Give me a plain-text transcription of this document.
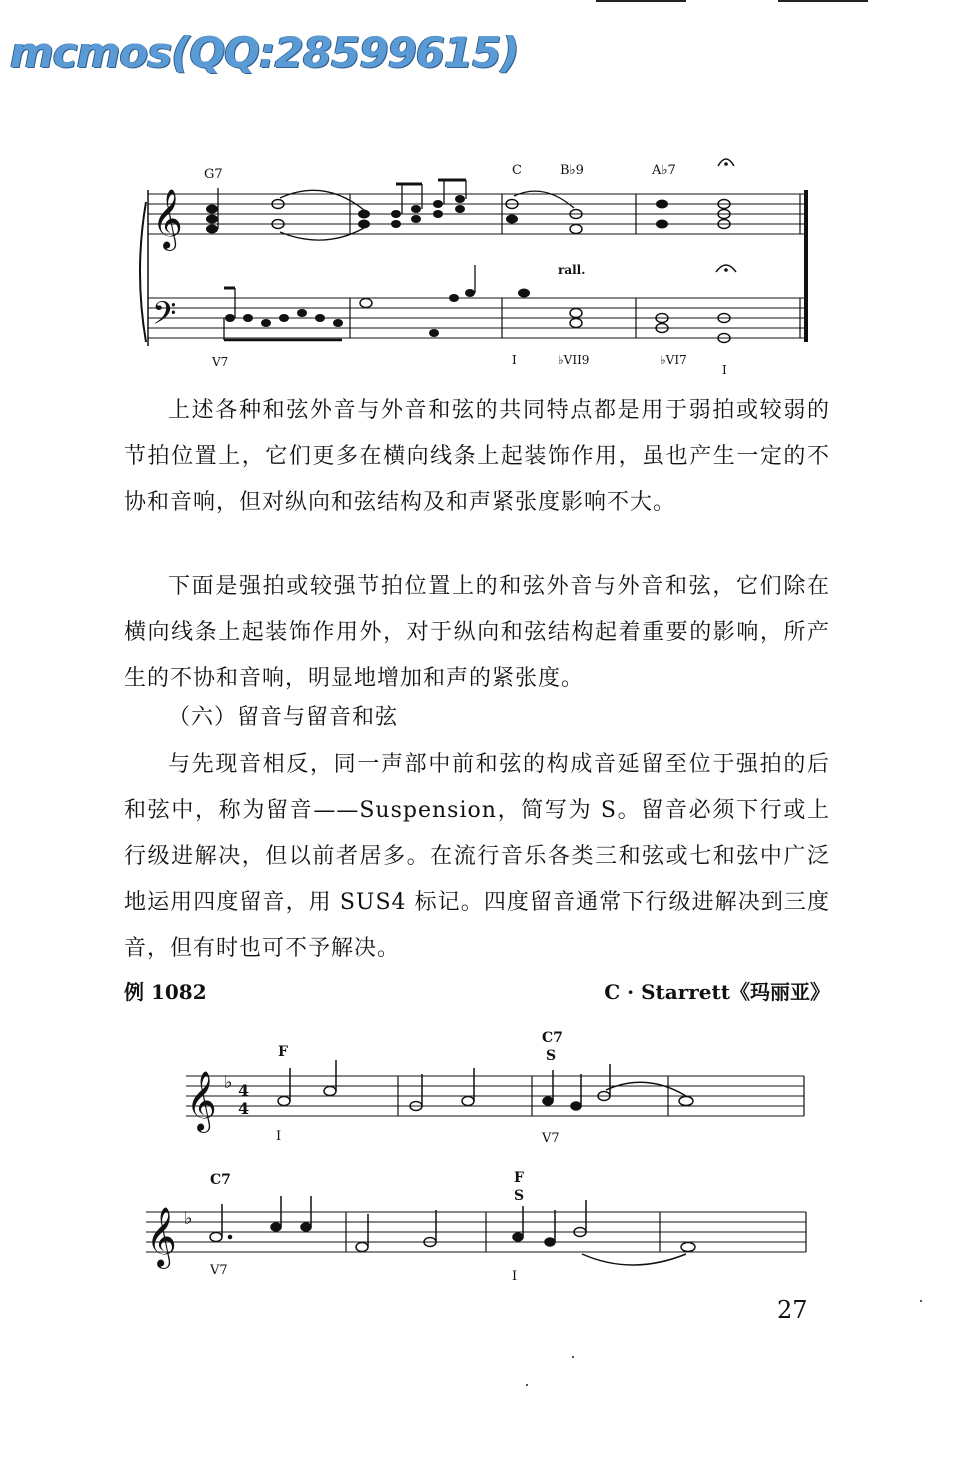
mcmos(QQ:28599615)
G7	C	B♭9	A♭7
𝄞
𝄢
rall.
V7	I	♭VII9	♭VI7
I

上述各种和弦外音与外音和弦的共同特点都是用于弱拍或较弱的节拍位置上，它们更多在横向线条上起装饰作用，虽也产生一定的不协和音响，但对纵向和弦结构及和声紧张度影响不大。

下面是强拍或较强节拍位置上的和弦外音与外音和弦，它们除在横向线条上起装饰作用外，对于纵向和弦结构起着重要的影响，所产生的不协和音响，明显地增加和声的紧张度。

（六）留音与留音和弦

与先现音相反，同一声部中前和弦的构成音延留至位于强拍的后和弦中，称为留音——Suspension，简写为 S。留音必须下行或上行级进解决，但以前者居多。在流行音乐各类三和弦或七和弦中广泛地运用四度留音，用 SUS4 标记。四度留音通常下行级进解决到三度音，但有时也可不予解决。

例 1082	C · Starrett《玛丽亚》
F
C7
S
𝄞 ♭ 4
4
I	V7
C7	F
S
𝄞 ♭
V7	I
27
